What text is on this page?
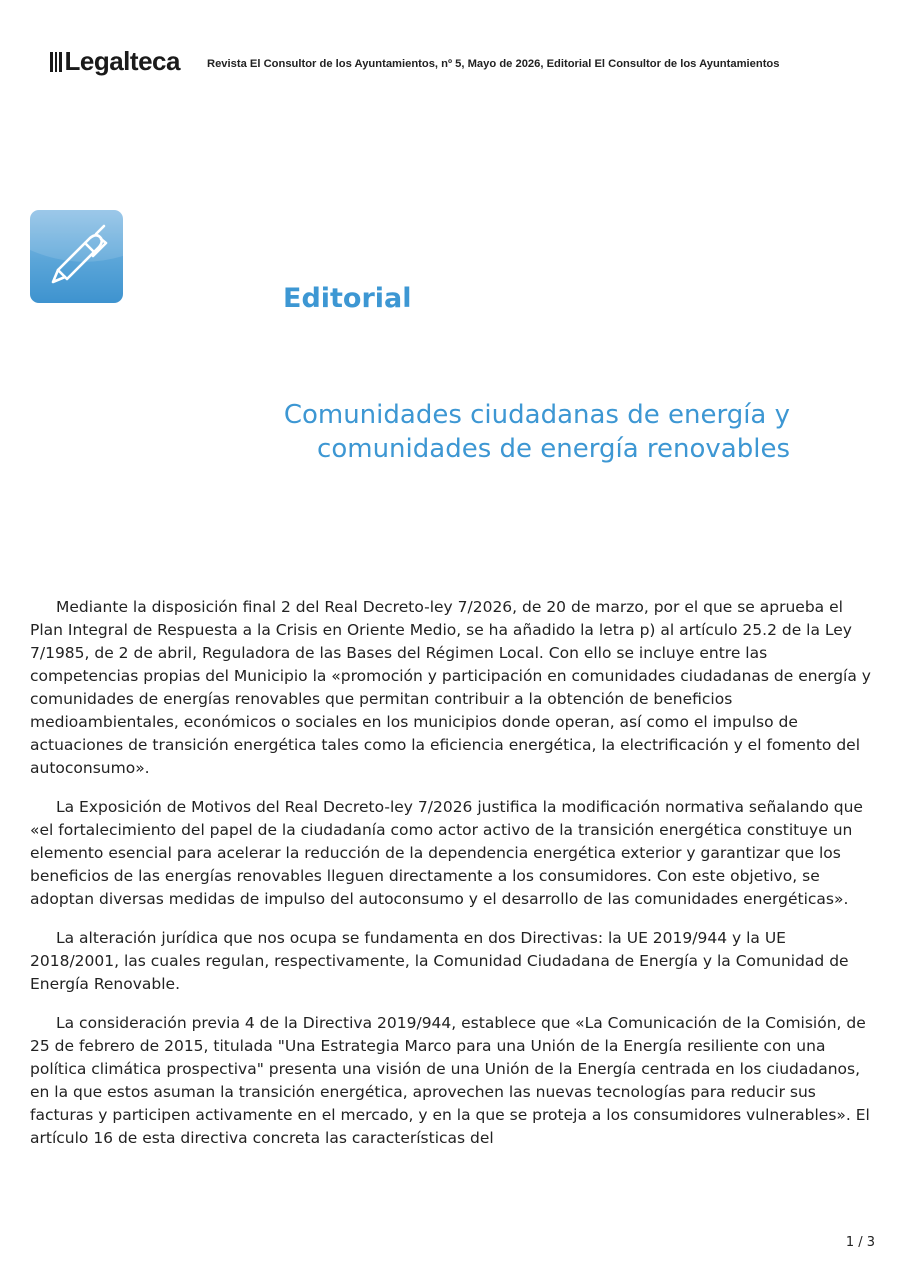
Legalteca Revista El Consultor de los Ayuntamientos, nº 5, Mayo de 2026, Editorial El Consultor de los Ayuntamientos
Editorial
Comunidades ciudadanas de energía y
comunidades de energía renovables

Mediante la disposición final 2 del Real Decreto-ley 7/2026, de 20 de marzo, por el que se aprueba el Plan Integral de Respuesta a la Crisis en Oriente Medio, se ha añadido la letra p) al artículo 25.2 de la Ley 7/1985, de 2 de abril, Reguladora de las Bases del Régimen Local. Con ello se incluye entre las competencias propias del Municipio la «promoción y participación en comunidades ciudadanas de energía y comunidades de energías renovables que permitan contribuir a la obtención de beneficios medioambientales, económicos o sociales en los municipios donde operan, así como el impulso de actuaciones de transición energética tales como la eficiencia energética, la electrificación y el fomento del autoconsumo».

La Exposición de Motivos del Real Decreto-ley 7/2026 justifica la modificación normativa señalando que «el fortalecimiento del papel de la ciudadanía como actor activo de la transición energética constituye un elemento esencial para acelerar la reducción de la dependencia energética exterior y garantizar que los beneficios de las energías renovables lleguen directamente a los consumidores. Con este objetivo, se adoptan diversas medidas de impulso del autoconsumo y el desarrollo de las comunidades energéticas».

La alteración jurídica que nos ocupa se fundamenta en dos Directivas: la UE 2019/944 y la UE 2018/2001, las cuales regulan, respectivamente, la Comunidad Ciudadana de Energía y la Comunidad de Energía Renovable.

La consideración previa 4 de la Directiva 2019/944, establece que «La Comunicación de la Comisión, de 25 de febrero de 2015, titulada "Una Estrategia Marco para una Unión de la Energía resiliente con una política climática prospectiva" presenta una visión de una Unión de la Energía centrada en los ciudadanos, en la que estos asuman la transición energética, aprovechen las nuevas tecnologías para reducir sus facturas y participen activamente en el mercado, y en la que se proteja a los consumidores vulnerables». El artículo 16 de esta directiva concreta las características del

1 / 3
